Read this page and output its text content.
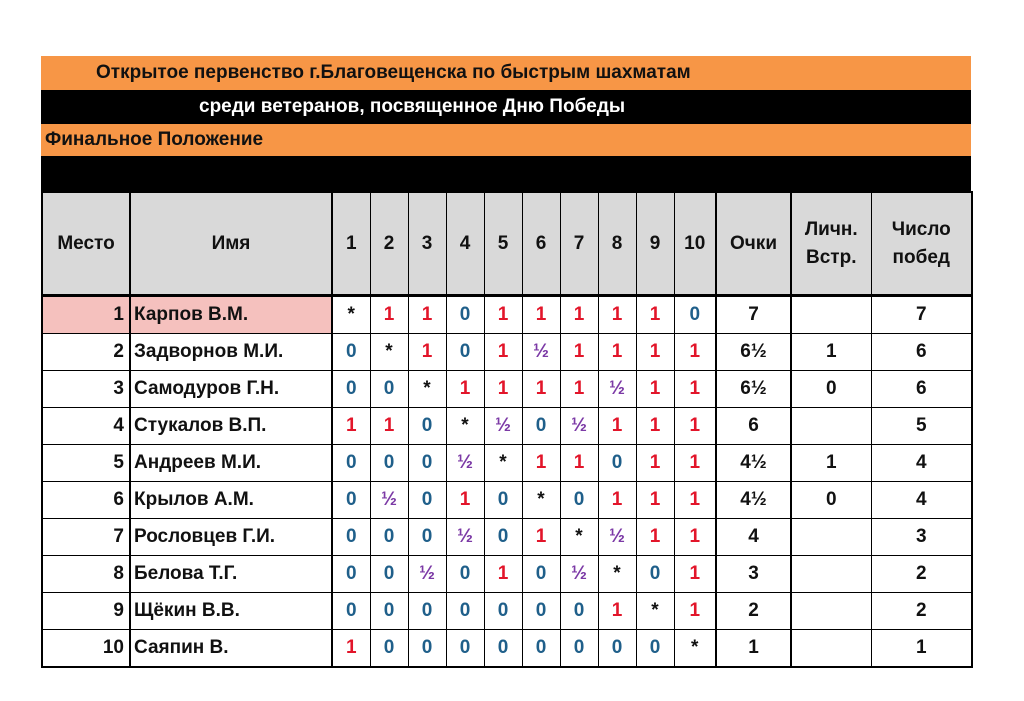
Открытое первенство г.Благовещенска по быстрым шахматам
среди ветеранов, посвященное Дню Победы
Финальное Положение
Место	Имя	1	2	3	4	5	6	7	8	9	10	Очки	Личн. Встр.	Число побед
1	Карпов В.М.	*	1	1	0	1	1	1	1	1	0	7		7
2	Задворнов М.И.	0	*	1	0	1	½	1	1	1	1	6½	1	6
3	Самодуров Г.Н.	0	0	*	1	1	1	1	½	1	1	6½	0	6
4	Стукалов В.П.	1	1	0	*	½	0	½	1	1	1	6		5
5	Андреев М.И.	0	0	0	½	*	1	1	0	1	1	4½	1	4
6	Крылов А.М.	0	½	0	1	0	*	0	1	1	1	4½	0	4
7	Рословцев Г.И.	0	0	0	½	0	1	*	½	1	1	4		3
8	Белова Т.Г.	0	0	½	0	1	0	½	*	0	1	3		2
9	Щёкин В.В.	0	0	0	0	0	0	0	1	*	1	2		2
10	Саяпин В.	1	0	0	0	0	0	0	0	0	*	1		1
